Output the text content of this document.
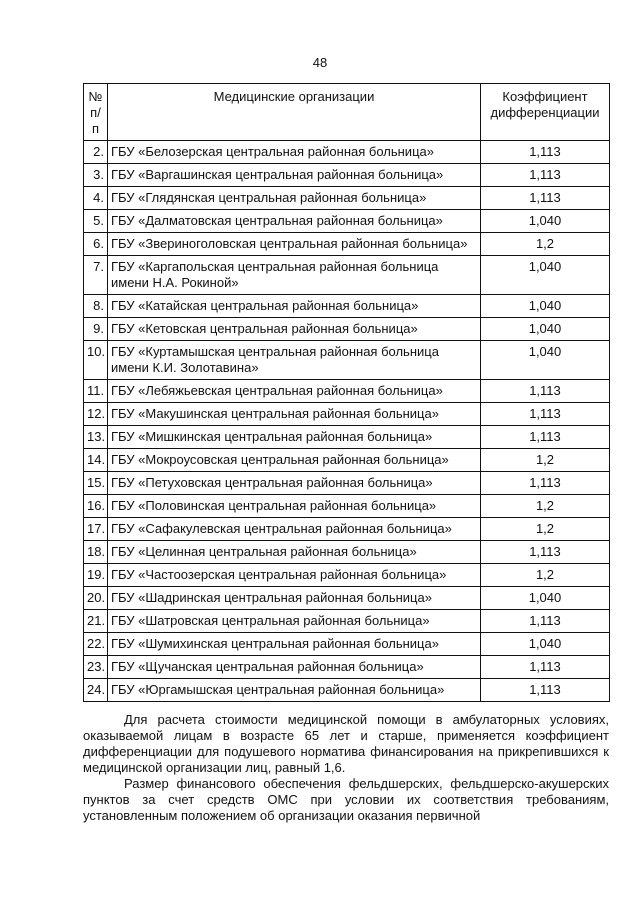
48
№ п/п	Медицинские организации	Коэффициент дифференциации
2.	ГБУ «Белозерская центральная районная больница»	1,113
3.	ГБУ «Варгашинская центральная районная больница»	1,113
4.	ГБУ «Глядянская центральная районная больница»	1,113
5.	ГБУ «Далматовская центральная районная больница»	1,040
6.	ГБУ «Звериноголовская центральная районная больница»	1,2
7.	ГБУ «Каргапольская центральная районная больница имени Н.А. Рокиной»	1,040
8.	ГБУ «Катайская центральная районная больница»	1,040
9.	ГБУ «Кетовская центральная районная больница»	1,040
10.	ГБУ «Куртамышская центральная районная больница имени К.И. Золотавина»	1,040
11.	ГБУ «Лебяжьевская центральная районная больница»	1,113
12.	ГБУ «Макушинская центральная районная больница»	1,113
13.	ГБУ «Мишкинская центральная районная больница»	1,113
14.	ГБУ «Мокроусовская центральная районная больница»	1,2
15.	ГБУ «Петуховская центральная районная больница»	1,113
16.	ГБУ «Половинская центральная районная больница»	1,2
17.	ГБУ «Сафакулевская центральная районная больница»	1,2
18.	ГБУ «Целинная центральная районная больница»	1,113
19.	ГБУ «Частоозерская центральная районная больница»	1,2
20.	ГБУ «Шадринская центральная районная больница»	1,040
21.	ГБУ «Шатровская центральная районная больница»	1,113
22.	ГБУ «Шумихинская центральная районная больница»	1,040
23.	ГБУ «Щучанская центральная районная больница»	1,113
24.	ГБУ «Юргамышская центральная районная больница»	1,113

Для расчета стоимости медицинской помощи в амбулаторных условиях, оказываемой лицам в возрасте 65 лет и старше, применяется коэффициент дифференциации для подушевого норматива финансирования на прикрепившихся к медицинской организации лиц, равный 1,6.

Размер финансового обеспечения фельдшерских, фельдшерско-акушерских пунктов за счет средств ОМС при условии их соответствия требованиям, установленным положением об организации оказания первичной
